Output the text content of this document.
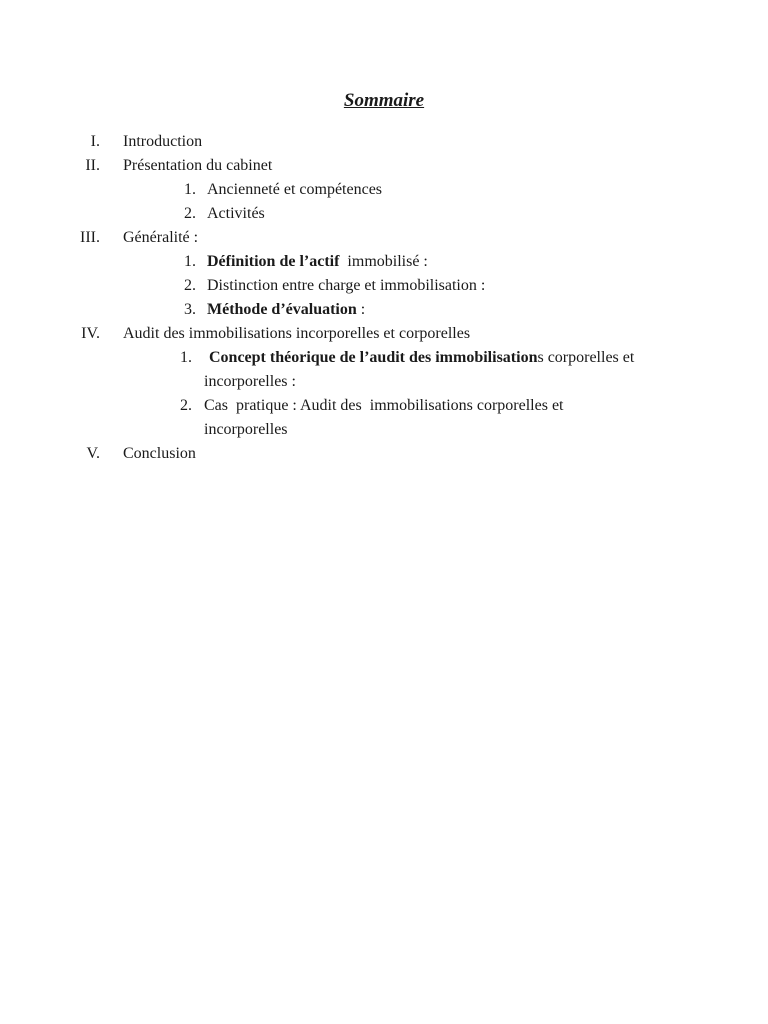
Sommaire
I. Introduction
II. Présentation du cabinet
1. Ancienneté et compétences
2. Activités
III. Généralité :
1. Définition de l’actif  immobilisé :
2. Distinction entre charge et immobilisation :
3. Méthode d’évaluation :
IV. Audit des immobilisations incorporelles et corporelles
1. Concept théorique de l’audit des immobilisations corporelles et
incorporelles :
2. Cas  pratique : Audit des  immobilisations corporelles et
incorporelles
V. Conclusion
